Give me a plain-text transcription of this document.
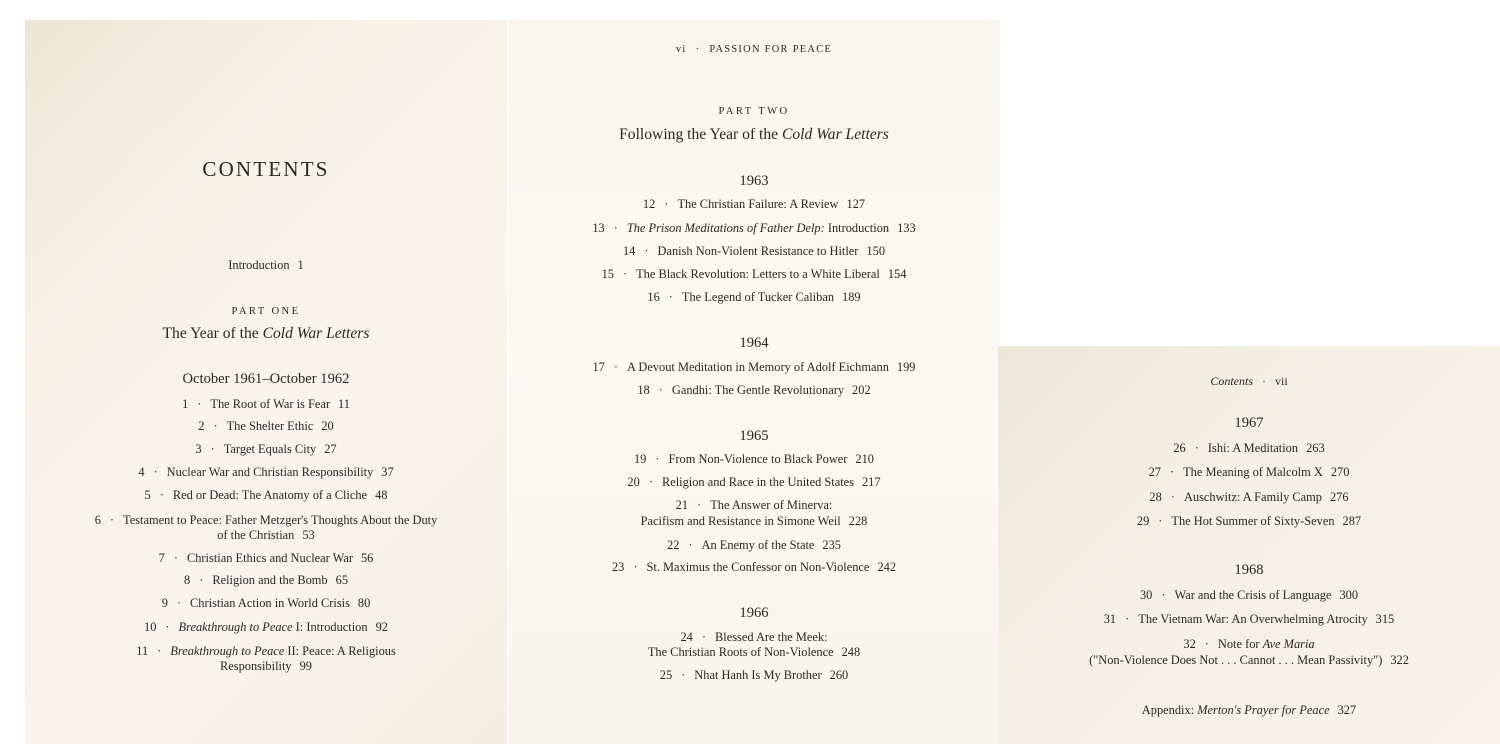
CONTENTS
Introduction 1
PART ONE
The Year of the Cold War Letters
October 1961–October 1962
1 · The Root of War is Fear 11
2 · The Shelter Ethic 20
3 · Target Equals City 27
4 · Nuclear War and Christian Responsibility 37
5 · Red or Dead: The Anatomy of a Cliche 48
6 · Testament to Peace: Father Metzger's Thoughts About the Duty
of the Christian 53
7 · Christian Ethics and Nuclear War 56
8 · Religion and the Bomb 65
9 · Christian Action in World Crisis 80
10 · Breakthrough to Peace I: Introduction 92
11 · Breakthrough to Peace II: Peace: A Religious
Responsibility 99
vi · PASSION FOR PEACE
PART TWO
Following the Year of the Cold War Letters
1963
12 · The Christian Failure: A Review 127
13 · The Prison Meditations of Father Delp: Introduction 133
14 · Danish Non-Violent Resistance to Hitler 150
15 · The Black Revolution: Letters to a White Liberal 154
16 · The Legend of Tucker Caliban 189
1964
17 · A Devout Meditation in Memory of Adolf Eichmann 199
18 · Gandhi: The Gentle Revolutionary 202
1965
19 · From Non-Violence to Black Power 210
20 · Religion and Race in the United States 217
21 · The Answer of Minerva:
Pacifism and Resistance in Simone Weil 228
22 · An Enemy of the State 235
23 · St. Maximus the Confessor on Non-Violence 242
1966
24 · Blessed Are the Meek:
The Christian Roots of Non-Violence 248
25 · Nhat Hanh Is My Brother 260
Contents · vii
1967
26 · Ishi: A Meditation 263
27 · The Meaning of Malcolm X 270
28 · Auschwitz: A Family Camp 276
29 · The Hot Summer of Sixty-Seven 287
1968
30 · War and the Crisis of Language 300
31 · The Vietnam War: An Overwhelming Atrocity 315
32 · Note for Ave Maria
("Non-Violence Does Not . . . Cannot . . . Mean Passivity") 322
Appendix: Merton's Prayer for Peace 327
